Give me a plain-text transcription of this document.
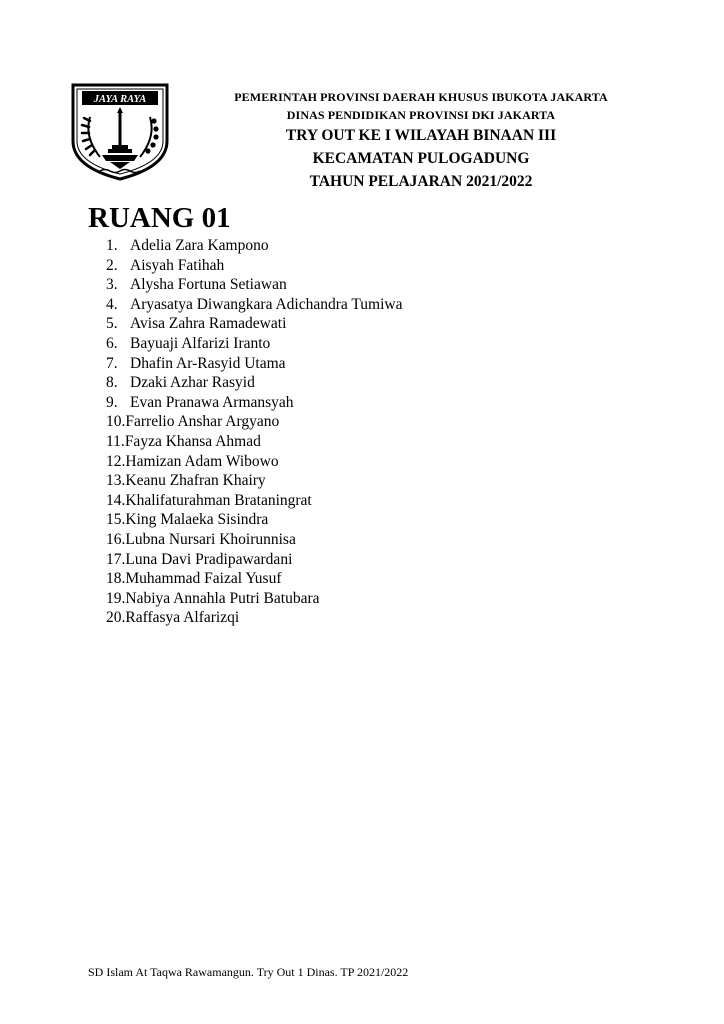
JAYA RAYA	PEMERINTAH PROVINSI DAERAH KHUSUS IBUKOTA JAKARTA
DINAS PENDIDIKAN PROVINSI DKI JAKARTA
TRY OUT KE I WILAYAH BINAAN III
KECAMATAN PULOGADUNG
TAHUN PELAJARAN 2021/2022
RUANG 01
1. Adelia Zara Kampono
2. Aisyah Fatihah
3. Alysha Fortuna Setiawan
4. Aryasatya Diwangkara Adichandra Tumiwa
5. Avisa Zahra Ramadewati
6. Bayuaji Alfarizi Iranto
7. Dhafin Ar-Rasyid Utama
8. Dzaki Azhar Rasyid
9. Evan Pranawa Armansyah
10. Farrelio Anshar Argyano
11. Fayza Khansa Ahmad
12. Hamizan Adam Wibowo
13. Keanu Zhafran Khairy
14. Khalifaturahman Brataningrat
15. King Malaeka Sisindra
16. Lubna Nursari Khoirunnisa
17. Luna Davi Pradipawardani
18. Muhammad Faizal Yusuf
19. Nabiya Annahla Putri Batubara
20. Raffasya Alfarizqi
SD Islam At Taqwa Rawamangun. Try Out 1 Dinas. TP 2021/2022
